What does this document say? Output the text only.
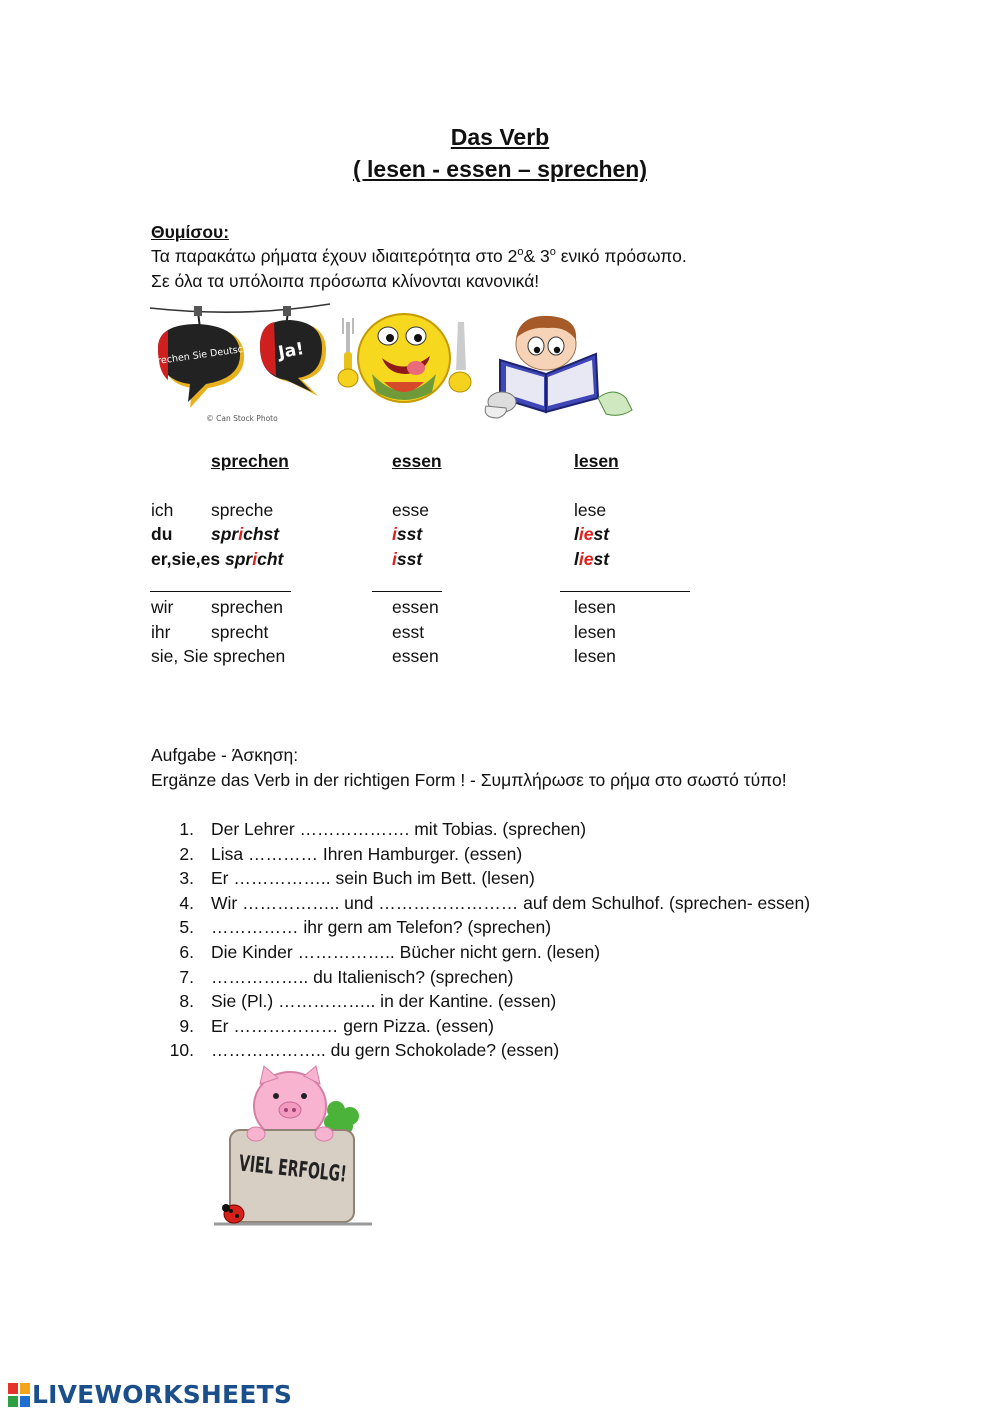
Das Verb
( lesen - essen – sprechen)
Θυμίσου:
Τα παρακάτω ρήματα έχουν ιδιαιτερότητα στο $2^o\&$ $3^o$ ενικό πρόσωπο.
Σε όλα τα υπόλοιπα πρόσωπα κλίνονται κανονικά!
Sprechen Sie Deutsch? Ja!
© Can Stock Photo
sprechen	essen	lesen
ich spreche	esse	lese
du sprichst	isst	liest
er,sie,es spricht	isst	liest
wir sprechen	essen	lesen
ihr sprecht	esst	lesen
sie, Sie sprechen	essen	lesen
Aufgabe - Άσκηση:
Ergänze das Verb in der richtigen Form ! - Συμπλήρωσε το ρήμα στο σωστό τύπο!
1. Der Lehrer ………………. mit Tobias. (sprechen)
2. Lisa ………… Ihren Hamburger. (essen)
3. Er …………….. sein Buch im Bett. (lesen)
4. Wir …………….. und …………………… auf dem Schulhof. (sprechen- essen)
5. …………… ihr gern am Telefon? (sprechen)
6. Die Kinder …………….. Bücher nicht gern. (lesen)
7. …………….. du Italienisch? (sprechen)
8. Sie (Pl.) …………….. in der Kantine. (essen)
9. Er ……………… gern Pizza. (essen)
10. ……………….. du gern Schokolade? (essen)
VIEL ERFOLG!
LIVEWORKSHEETS
